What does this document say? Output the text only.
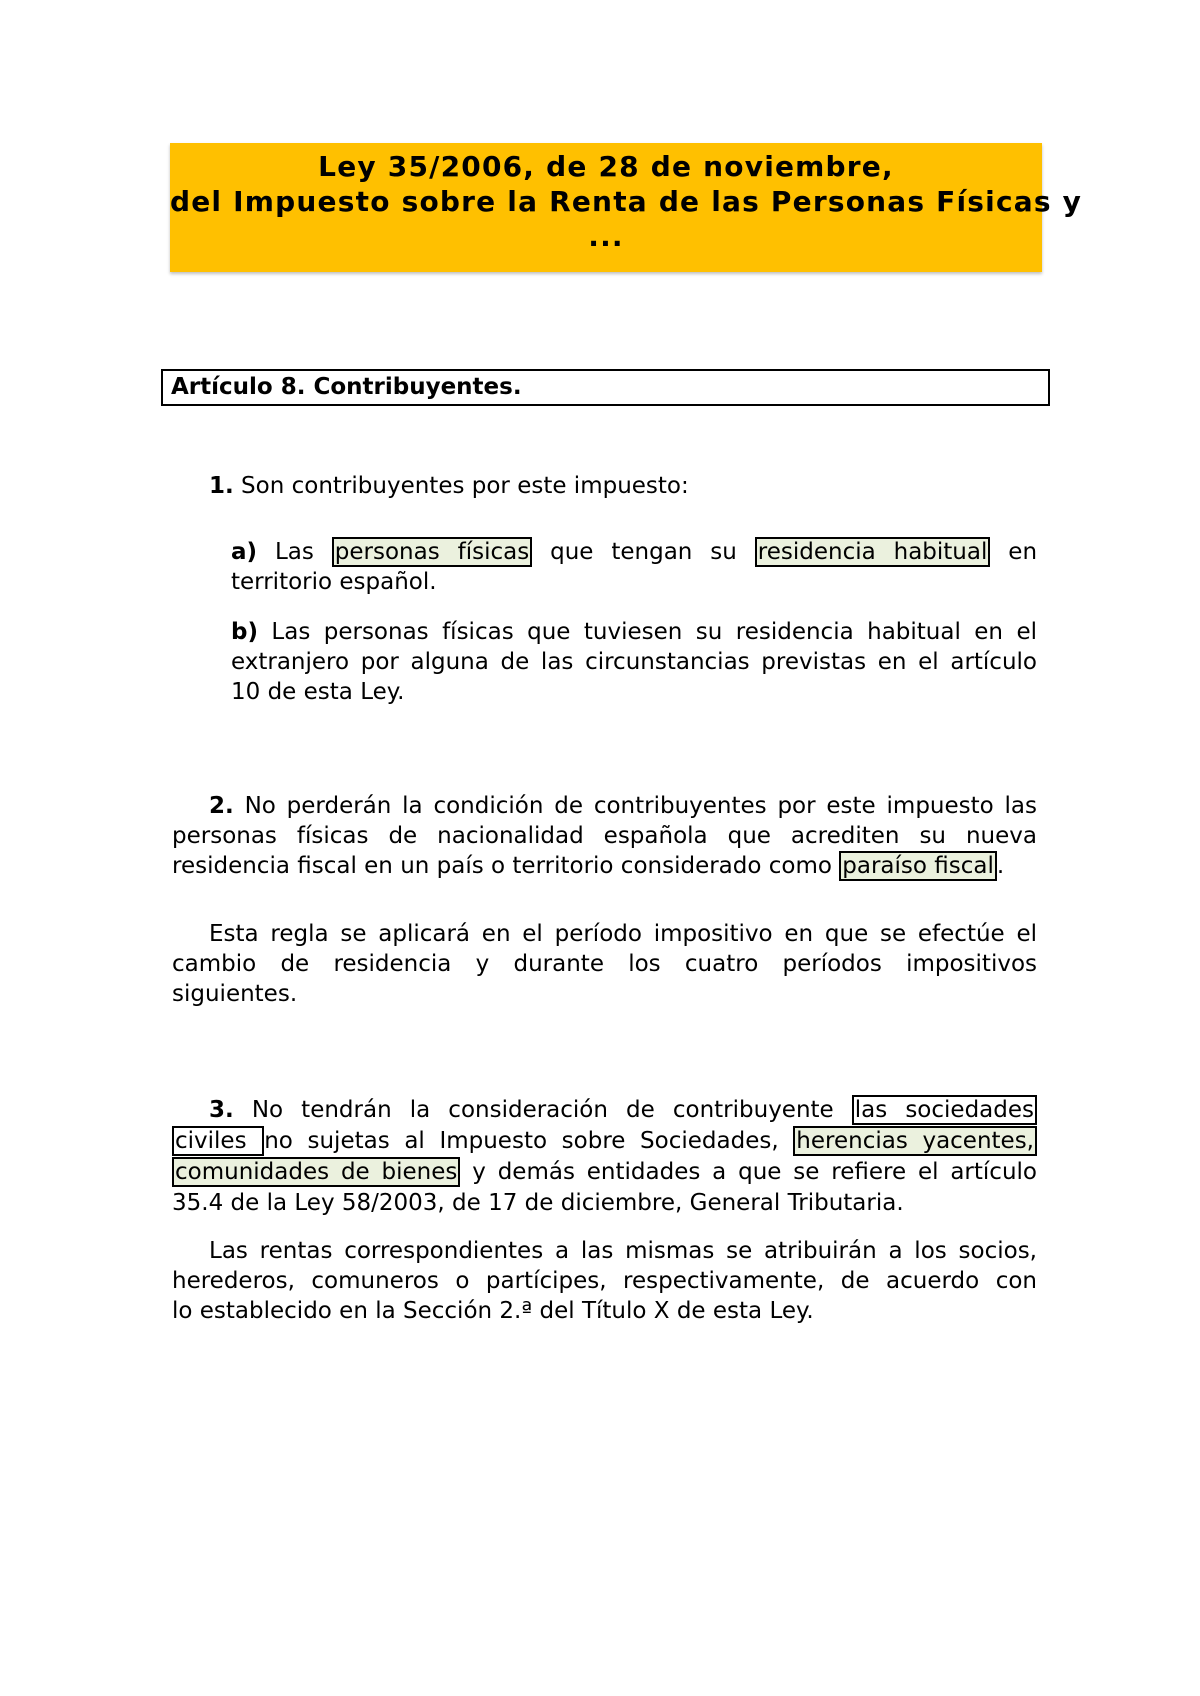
Ley 35/2006, de 28 de noviembre,
del Impuesto sobre la Renta de las Personas Físicas y
...
Artículo 8. Contribuyentes.
1. Son contribuyentes por este impuesto:
a) Las personas físicas que tengan su residencia habitual en
territorio español.
b) Las personas físicas que tuviesen su residencia habitual en el
extranjero por alguna de las circunstancias previstas en el artículo
10 de esta Ley.
2. No perderán la condición de contribuyentes por este impuesto las
personas físicas de nacionalidad española que acrediten su nueva
residencia fiscal en un país o territorio considerado como paraíso fiscal .
Esta regla se aplicará en el período impositivo en que se efectúe el
cambio de residencia y durante los cuatro períodos impositivos
siguientes.
3. No tendrán la consideración de contribuyente las sociedades
civiles no sujetas al Impuesto sobre Sociedades, herencias yacentes,
comunidades de bienes y demás entidades a que se refiere el artículo
35.4 de la Ley 58/2003, de 17 de diciembre, General Tributaria.
Las rentas correspondientes a las mismas se atribuirán a los socios,
herederos, comuneros o partícipes, respectivamente, de acuerdo con
lo establecido en la Sección 2.ª del Título X de esta Ley.
